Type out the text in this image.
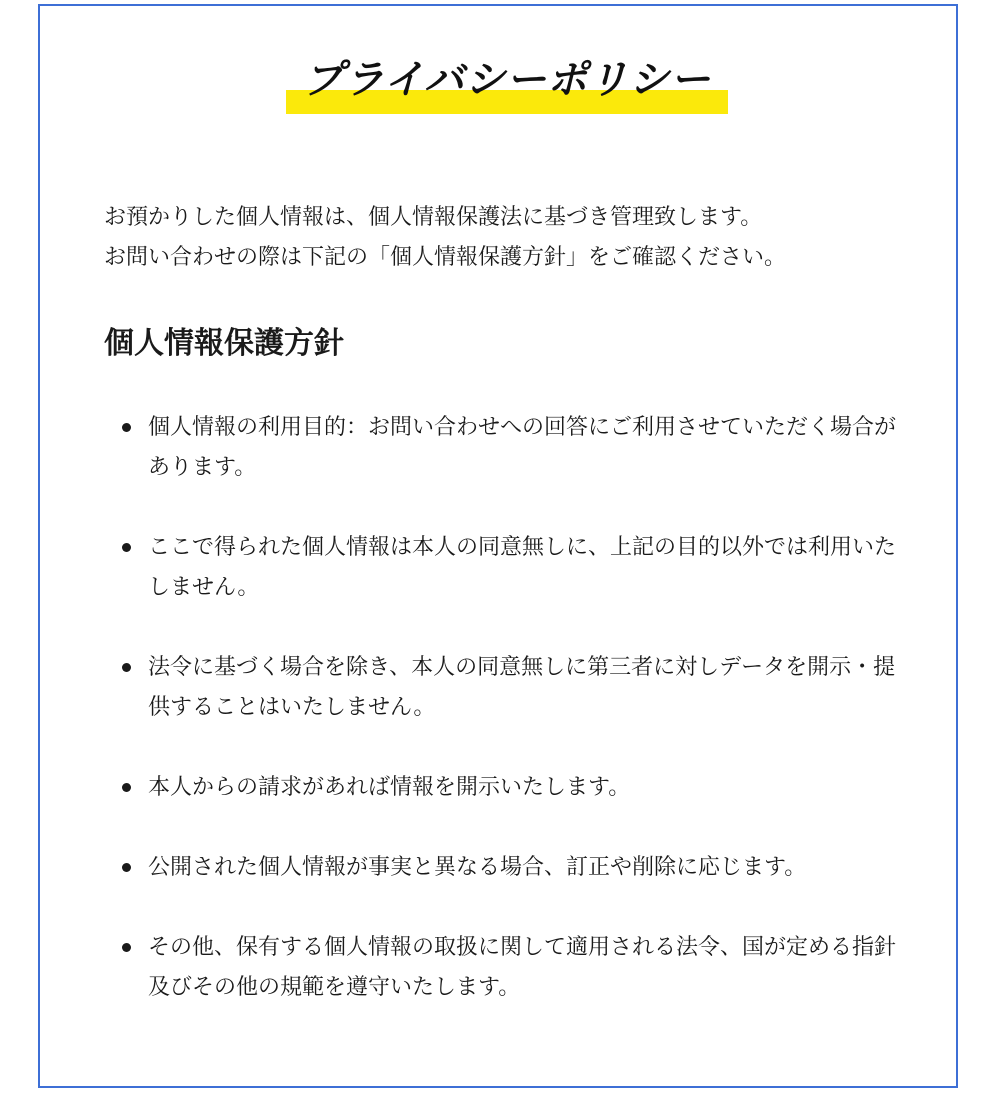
プライバシーポリシー

お預かりした個人情報は、個人情報保護法に基づき管理致します。

お問い合わせの際は下記の「個人情報保護方針」をご確認ください。

個人情報保護方針
個人情報の利用目的：お問い合わせへの回答にご利用させていただく場合があります。
ここで得られた個人情報は本人の同意無しに、上記の目的以外では利用いたしません。
法令に基づく場合を除き、本人の同意無しに第三者に対しデータを開示・提供することはいたしません。
本人からの請求があれば情報を開示いたします。
公開された個人情報が事実と異なる場合、訂正や削除に応じます。
その他、保有する個人情報の取扱に関して適用される法令、国が定める指針及びその他の規範を遵守いたします。
